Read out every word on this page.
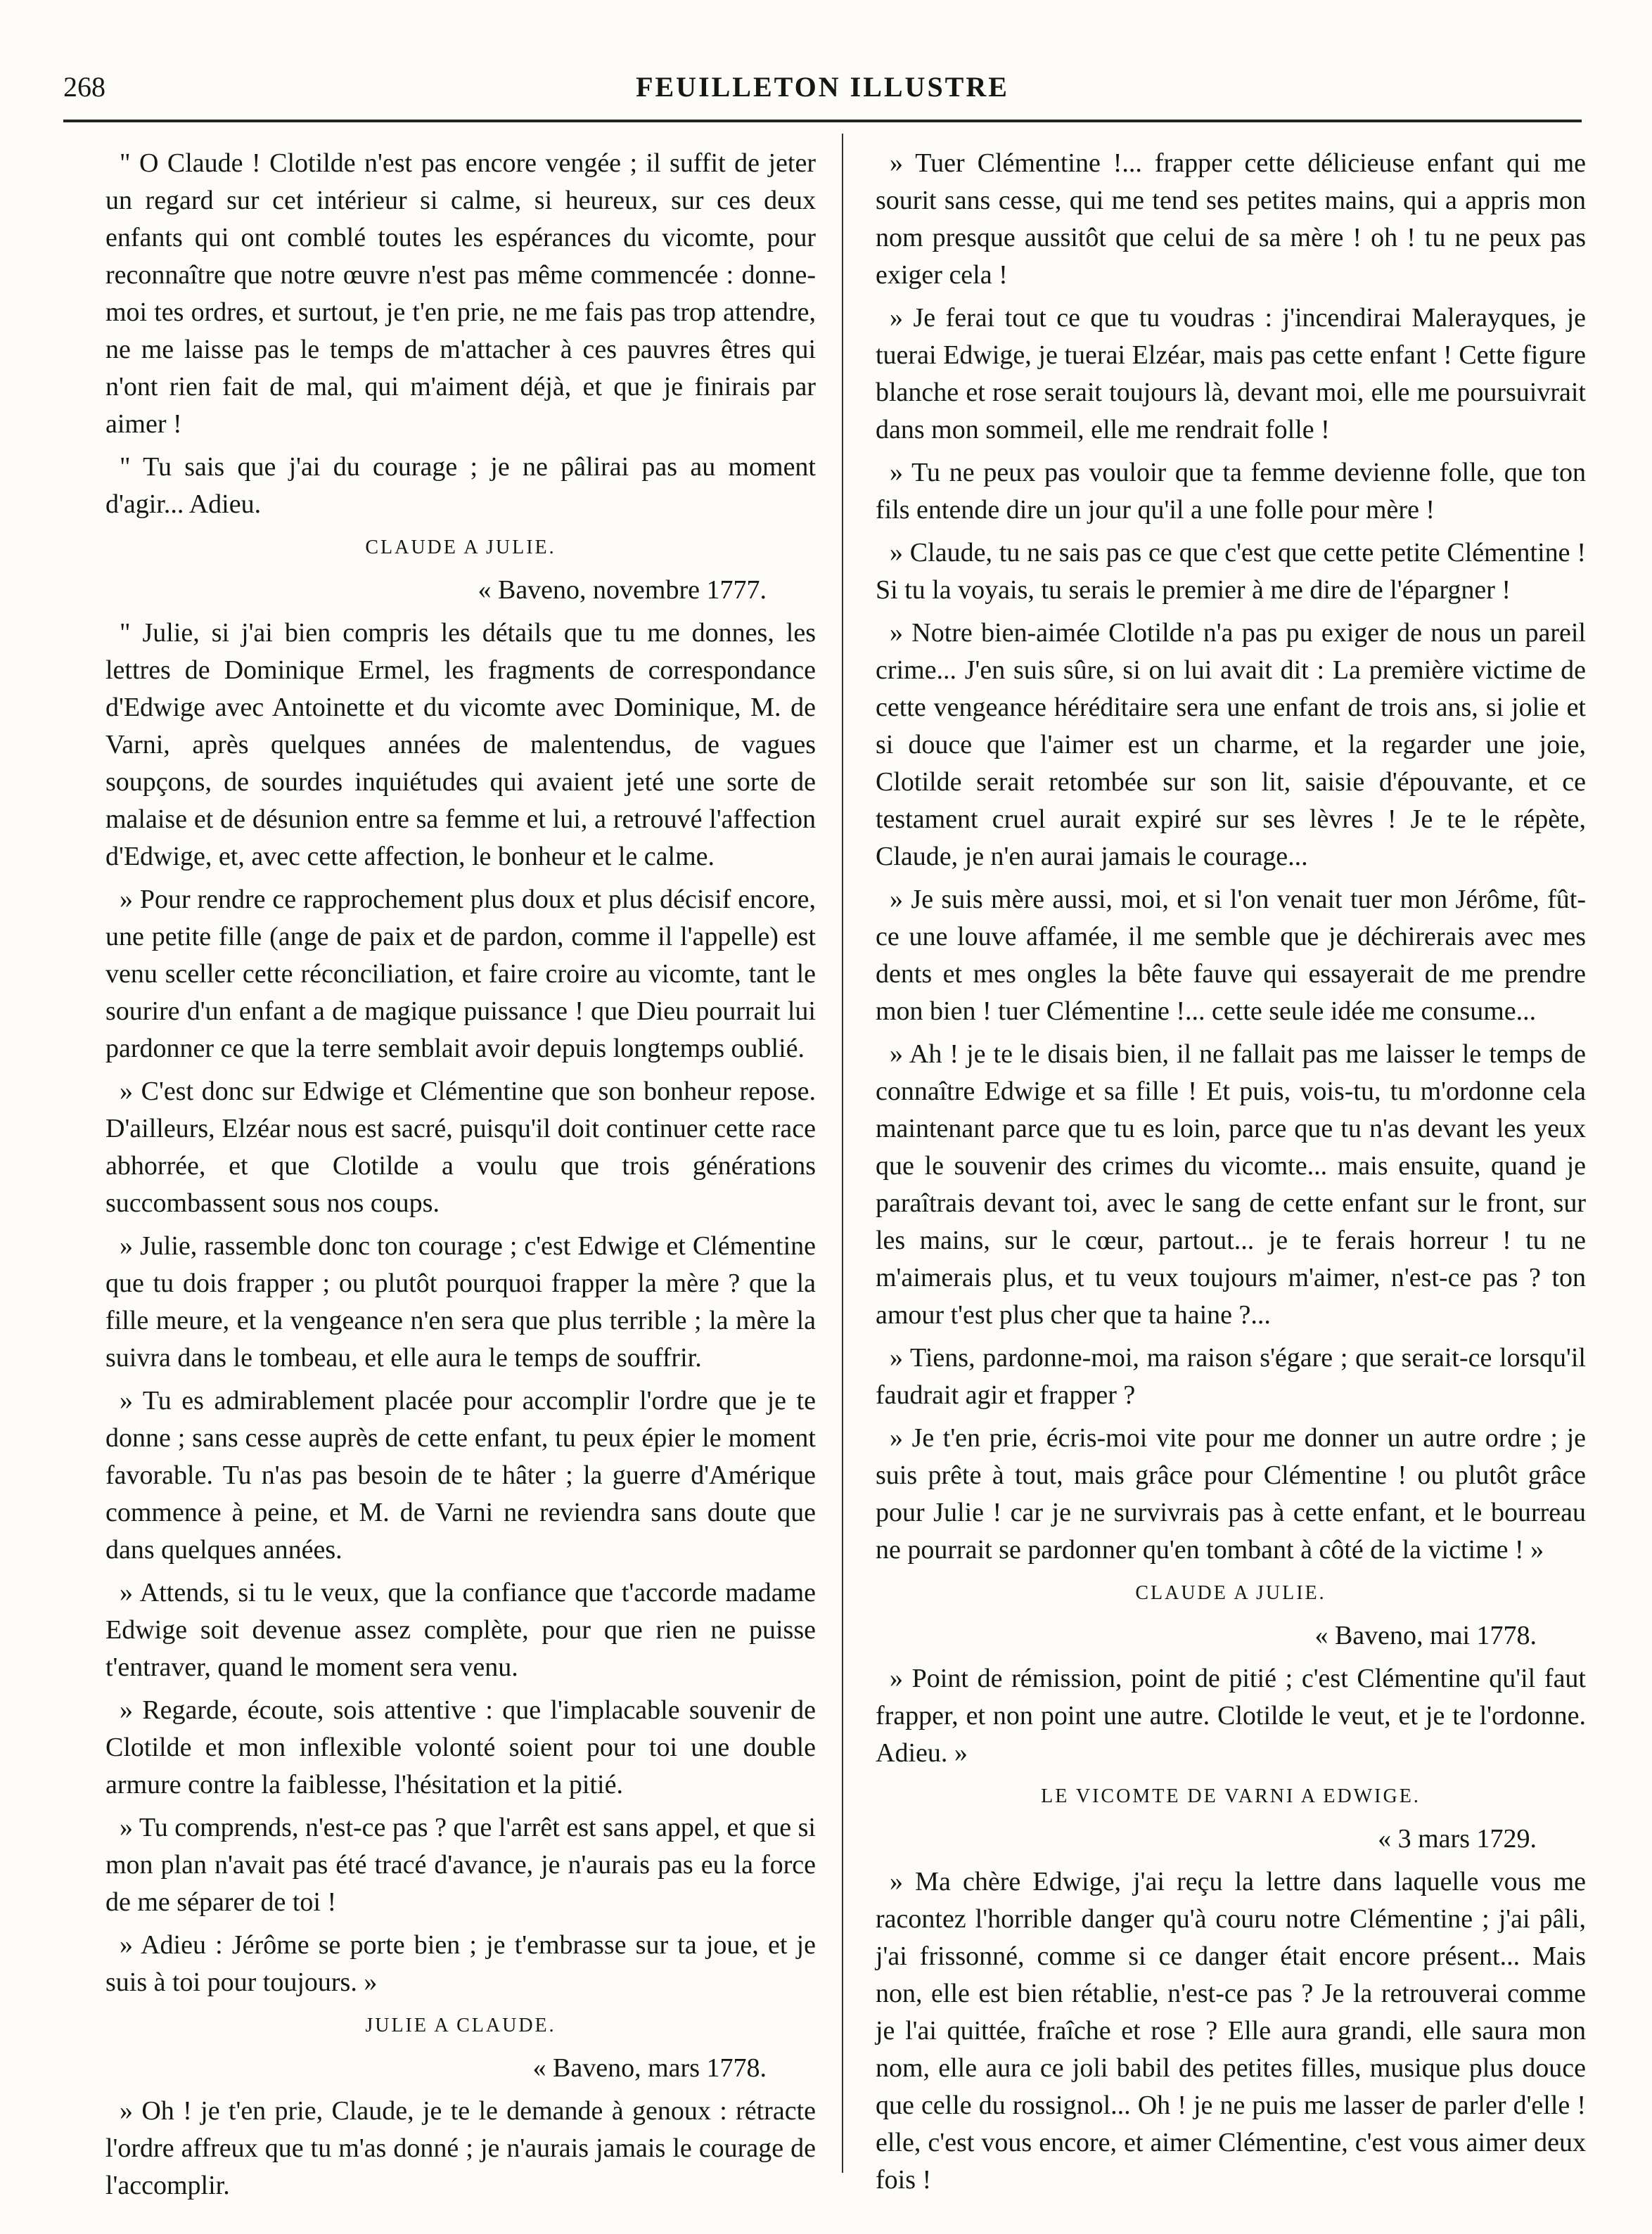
268	FEUILLETON ILLUSTRE

" O Claude ! Clotilde n'est pas encore vengée ; il suffit de jeter un regard sur cet intérieur si calme, si heureux, sur ces deux enfants qui ont comblé toutes les espérances du vicomte, pour reconnaître que notre œuvre n'est pas même commencée : donne-moi tes ordres, et surtout, je t'en prie, ne me fais pas trop attendre, ne me laisse pas le temps de m'attacher à ces pauvres êtres qui n'ont rien fait de mal, qui m'aiment déjà, et que je finirais par aimer !

" Tu sais que j'ai du courage ; je ne pâlirai pas au moment d'agir... Adieu.

CLAUDE A JULIE.

« Baveno, novembre 1777.

" Julie, si j'ai bien compris les détails que tu me donnes, les lettres de Dominique Ermel, les fragments de correspondance d'Edwige avec Antoinette et du vicomte avec Dominique, M. de Varni, après quelques années de malentendus, de vagues soupçons, de sourdes inquiétudes qui avaient jeté une sorte de malaise et de désunion entre sa femme et lui, a retrouvé l'affection d'Edwige, et, avec cette affection, le bonheur et le calme.

» Pour rendre ce rapprochement plus doux et plus décisif encore, une petite fille (ange de paix et de pardon, comme il l'appelle) est venu sceller cette réconciliation, et faire croire au vicomte, tant le sourire d'un enfant a de magique puissance ! que Dieu pourrait lui pardonner ce que la terre semblait avoir depuis longtemps oublié.

» C'est donc sur Edwige et Clémentine que son bonheur repose. D'ailleurs, Elzéar nous est sacré, puisqu'il doit continuer cette race abhorrée, et que Clotilde a voulu que trois générations succombassent sous nos coups.

» Julie, rassemble donc ton courage ; c'est Edwige et Clémentine que tu dois frapper ; ou plutôt pourquoi frapper la mère ? que la fille meure, et la vengeance n'en sera que plus terrible ; la mère la suivra dans le tombeau, et elle aura le temps de souffrir.

» Tu es admirablement placée pour accomplir l'ordre que je te donne ; sans cesse auprès de cette enfant, tu peux épier le moment favorable. Tu n'as pas besoin de te hâter ; la guerre d'Amérique commence à peine, et M. de Varni ne reviendra sans doute que dans quelques années.

» Attends, si tu le veux, que la confiance que t'accorde madame Edwige soit devenue assez complète, pour que rien ne puisse t'entraver, quand le moment sera venu.

» Regarde, écoute, sois attentive : que l'implacable souvenir de Clotilde et mon inflexible volonté soient pour toi une double armure contre la faiblesse, l'hésitation et la pitié.

» Tu comprends, n'est-ce pas ? que l'arrêt est sans appel, et que si mon plan n'avait pas été tracé d'avance, je n'aurais pas eu la force de me séparer de toi !

» Adieu : Jérôme se porte bien ; je t'embrasse sur ta joue, et je suis à toi pour toujours. »

JULIE A CLAUDE.

« Baveno, mars 1778.

» Oh ! je t'en prie, Claude, je te le demande à genoux : rétracte l'ordre affreux que tu m'as donné ; je n'aurais jamais le courage de l'accomplir.

» Tuer Clémentine !... frapper cette délicieuse enfant qui me sourit sans cesse, qui me tend ses petites mains, qui a appris mon nom presque aussitôt que celui de sa mère ! oh ! tu ne peux pas exiger cela !

» Je ferai tout ce que tu voudras : j'incendirai Malerayques, je tuerai Edwige, je tuerai Elzéar, mais pas cette enfant ! Cette figure blanche et rose serait toujours là, devant moi, elle me poursuivrait dans mon sommeil, elle me rendrait folle !

» Tu ne peux pas vouloir que ta femme devienne folle, que ton fils entende dire un jour qu'il a une folle pour mère !

» Claude, tu ne sais pas ce que c'est que cette petite Clémentine ! Si tu la voyais, tu serais le premier à me dire de l'épargner !

» Notre bien-aimée Clotilde n'a pas pu exiger de nous un pareil crime... J'en suis sûre, si on lui avait dit : La première victime de cette vengeance héréditaire sera une enfant de trois ans, si jolie et si douce que l'aimer est un charme, et la regarder une joie, Clotilde serait retombée sur son lit, saisie d'épouvante, et ce testament cruel aurait expiré sur ses lèvres ! Je te le répète, Claude, je n'en aurai jamais le courage...

» Je suis mère aussi, moi, et si l'on venait tuer mon Jérôme, fût-ce une louve affamée, il me semble que je déchirerais avec mes dents et mes ongles la bête fauve qui essayerait de me prendre mon bien ! tuer Clémentine !... cette seule idée me consume...

» Ah ! je te le disais bien, il ne fallait pas me laisser le temps de connaître Edwige et sa fille ! Et puis, vois-tu, tu m'ordonne cela maintenant parce que tu es loin, parce que tu n'as devant les yeux que le souvenir des crimes du vicomte... mais ensuite, quand je paraîtrais devant toi, avec le sang de cette enfant sur le front, sur les mains, sur le cœur, partout... je te ferais horreur ! tu ne m'aimerais plus, et tu veux toujours m'aimer, n'est-ce pas ? ton amour t'est plus cher que ta haine ?...

» Tiens, pardonne-moi, ma raison s'égare ; que serait-ce lorsqu'il faudrait agir et frapper ?

» Je t'en prie, écris-moi vite pour me donner un autre ordre ; je suis prête à tout, mais grâce pour Clémentine ! ou plutôt grâce pour Julie ! car je ne survivrais pas à cette enfant, et le bourreau ne pourrait se pardonner qu'en tombant à côté de la victime ! »

CLAUDE A JULIE.

« Baveno, mai 1778.

» Point de rémission, point de pitié ; c'est Clémentine qu'il faut frapper, et non point une autre. Clotilde le veut, et je te l'ordonne. Adieu. »

LE VICOMTE DE VARNI A EDWIGE.

« 3 mars 1729.

» Ma chère Edwige, j'ai reçu la lettre dans laquelle vous me racontez l'horrible danger qu'à couru notre Clémentine ; j'ai pâli, j'ai frissonné, comme si ce danger était encore présent... Mais non, elle est bien rétablie, n'est-ce pas ? Je la retrouverai comme je l'ai quittée, fraîche et rose ? Elle aura grandi, elle saura mon nom, elle aura ce joli babil des petites filles, musique plus douce que celle du rossignol... Oh ! je ne puis me lasser de parler d'elle ! elle, c'est vous encore, et aimer Clémentine, c'est vous aimer deux fois !
